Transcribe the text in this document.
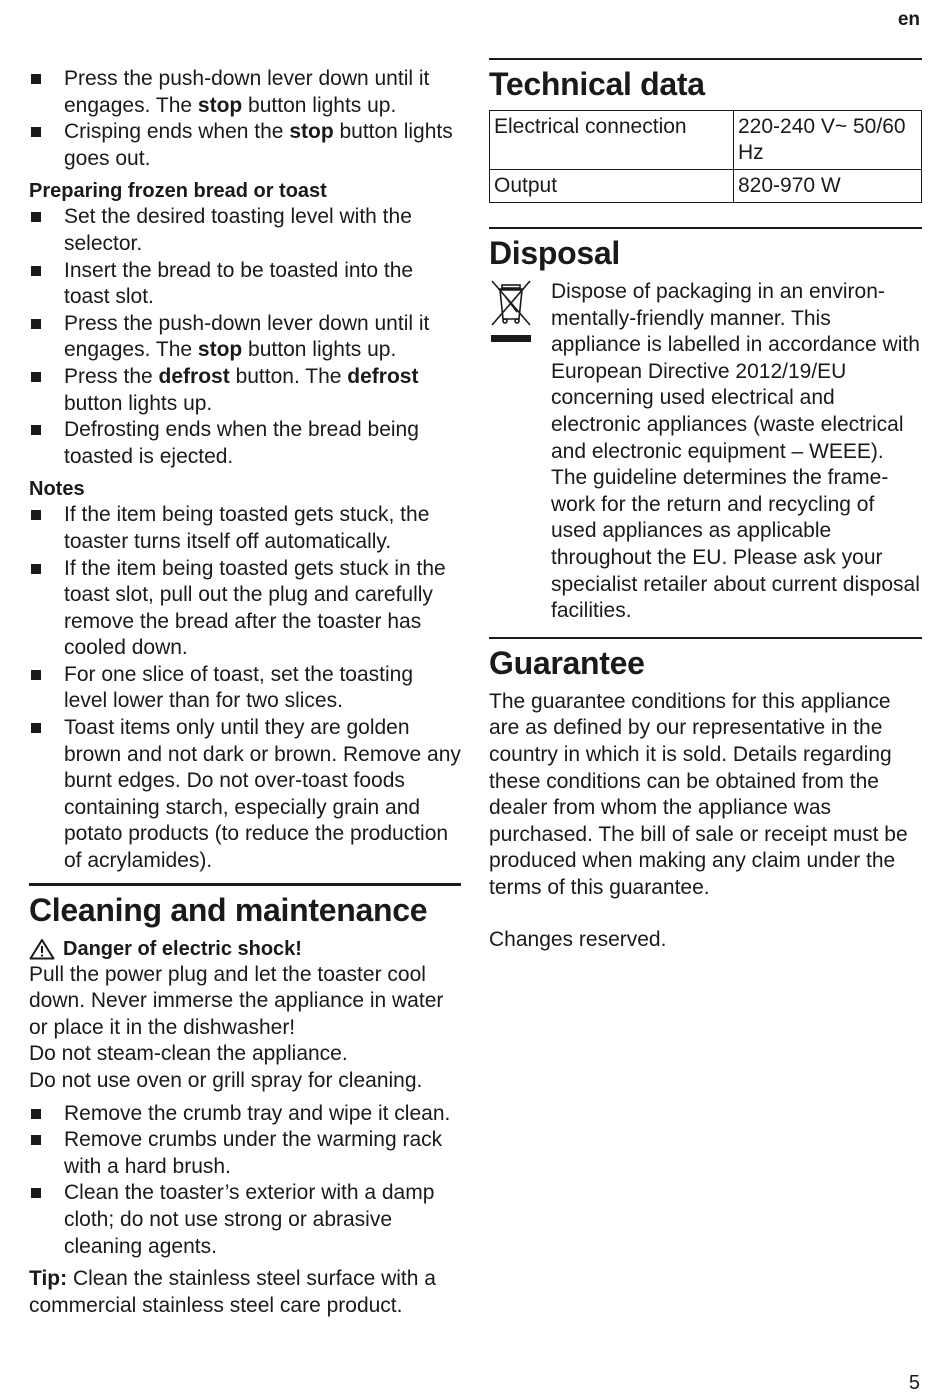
en
Press the push-down lever down until it engages. The stop button lights up.
Crisping ends when the stop button lights goes out.
Preparing frozen bread or toast
Set the desired toasting level with the selector.
Insert the bread to be toasted into the toast slot.
Press the push-down lever down until it engages. The stop button lights up.
Press the defrost button. The defrost button lights up.
Defrosting ends when the bread being toasted is ejected.
Notes
If the item being toasted gets stuck, the toaster turns itself off automatically.
If the item being toasted gets stuck in the toast slot, pull out the plug and carefully remove the bread after the toaster has cooled down.
For one slice of toast, set the toasting level lower than for two slices.
Toast items only until they are golden brown and not dark or brown. Remove any burnt edges. Do not over-toast foods containing starch, especially grain and potato products (to reduce the production of acrylamides).
Cleaning and maintenance
Danger of electric shock!
Pull the power plug and let the toaster cool down. Never immerse the appliance in water or place it in the dishwasher!
Do not steam-clean the appliance.
Do not use oven or grill spray for cleaning.
Remove the crumb tray and wipe it clean.
Remove crumbs under the warming rack with a hard brush.
Clean the toaster’s exterior with a damp cloth; do not use strong or abrasive cleaning agents.
Tip: Clean the stainless steel surface with a commercial stainless steel care product.
Technical data
Electrical connection	220-240 V~ 50/60 Hz
Output	820-970 W
Disposal
Dispose of packaging in an environ-mentally-friendly manner. This appliance is labelled in accordance with European Directive 2012/19/EU concerning used electrical and electronic appliances (waste electrical and electronic equipment – WEEE). The guideline determines the frame-work for the return and recycling of used appliances as applicable throughout the EU. Please ask your specialist retailer about current disposal facilities.
Guarantee
The guarantee conditions for this appliance are as defined by our representative in the country in which it is sold. Details regarding these conditions can be obtained from the dealer from whom the appliance was purchased. The bill of sale or receipt must be produced when making any claim under the terms of this guarantee.
Changes reserved.
5
